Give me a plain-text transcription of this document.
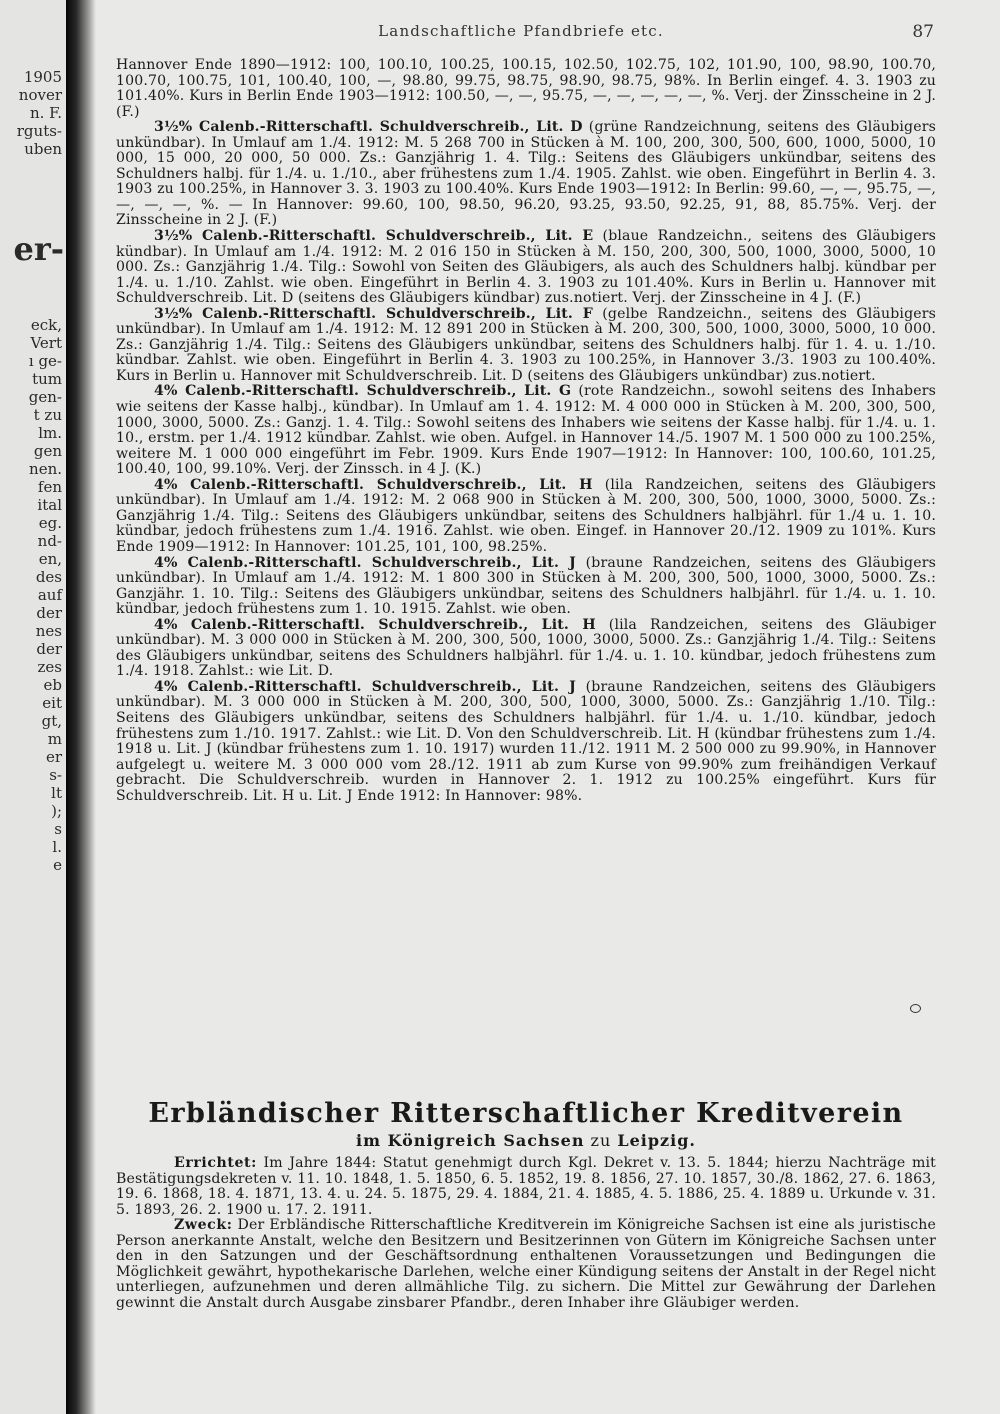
1905
nover
n. F.
rguts-
uben
er-
eck,
Vert
ı ge-
tum
gen-
t zu
lm.
gen
nen.
fen
ital
eg.
nd-
en,
des
auf
der
nes
der
zes
eb
eit
gt,
m
er
s-
lt
);
s
l.
e
Landschaftliche Pfandbriefe etc.	87

Hannover Ende 1890—1912: 100, 100.10, 100.25, 100.15, 102.50, 102.75, 102, 101.90, 100, 98.90, 100.70, 100.70, 100.75, 101, 100.40, 100, —, 98.80, 99.75, 98.75, 98.90, 98.75, 98%. In Berlin eingef. 4. 3. 1903 zu 101.40%. Kurs in Berlin Ende 1903—1912: 100.50, —, —, 95.75, —, —, —, —, —, %. Verj. der Zinsscheine in 2 J. (F.)

3½% Calenb.-Ritterschaftl. Schuldverschreib., Lit. D (grüne Randzeichnung, seitens des Gläubigers unkündbar). In Umlauf am 1./4. 1912: M. 5 268 700 in Stücken à M. 100, 200, 300, 500, 600, 1000, 5000, 10 000, 15 000, 20 000, 50 000. Zs.: Ganzjährig 1. 4. Tilg.: Seitens des Gläubigers unkündbar, seitens des Schuldners halbj. für 1./4. u. 1./10., aber frühestens zum 1./4. 1905. Zahlst. wie oben. Eingeführt in Berlin 4. 3. 1903 zu 100.25%, in Hannover 3. 3. 1903 zu 100.40%. Kurs Ende 1903—1912: In Berlin: 99.60, —, —, 95.75, —, —, —, —, %. — In Hannover: 99.60, 100, 98.50, 96.20, 93.25, 93.50, 92.25, 91, 88, 85.75%. Verj. der Zinsscheine in 2 J. (F.)

3½% Calenb.-Ritterschaftl. Schuldverschreib., Lit. E (blaue Randzeichn., seitens des Gläubigers kündbar). In Umlauf am 1./4. 1912: M. 2 016 150 in Stücken à M. 150, 200, 300, 500, 1000, 3000, 5000, 10 000. Zs.: Ganzjährig 1./4. Tilg.: Sowohl von Seiten des Gläubigers, als auch des Schuldners halbj. kündbar per 1./4. u. 1./10. Zahlst. wie oben. Eingeführt in Berlin 4. 3. 1903 zu 101.40%. Kurs in Berlin u. Hannover mit Schuldverschreib. Lit. D (seitens des Gläubigers kündbar) zus.notiert. Verj. der Zinsscheine in 4 J. (F.)

3½% Calenb.-Ritterschaftl. Schuldverschreib., Lit. F (gelbe Randzeichn., seitens des Gläubigers unkündbar). In Umlauf am 1./4. 1912: M. 12 891 200 in Stücken à M. 200, 300, 500, 1000, 3000, 5000, 10 000. Zs.: Ganzjährig 1./4. Tilg.: Seitens des Gläubigers unkündbar, seitens des Schuldners halbj. für 1. 4. u. 1./10. kündbar. Zahlst. wie oben. Eingeführt in Berlin 4. 3. 1903 zu 100.25%, in Hannover 3./3. 1903 zu 100.40%. Kurs in Berlin u. Hannover mit Schuldverschreib. Lit. D (seitens des Gläubigers unkündbar) zus.notiert.

4% Calenb.-Ritterschaftl. Schuldverschreib., Lit. G (rote Randzeichn., sowohl seitens des Inhabers wie seitens der Kasse halbj., kündbar). In Umlauf am 1. 4. 1912: M. 4 000 000 in Stücken à M. 200, 300, 500, 1000, 3000, 5000. Zs.: Ganzj. 1. 4. Tilg.: Sowohl seitens des Inhabers wie seitens der Kasse halbj. für 1./4. u. 1. 10., erstm. per 1./4. 1912 kündbar. Zahlst. wie oben. Aufgel. in Hannover 14./5. 1907 M. 1 500 000 zu 100.25%, weitere M. 1 000 000 eingeführt im Febr. 1909. Kurs Ende 1907—1912: In Hannover: 100, 100.60, 101.25, 100.40, 100, 99.10%. Verj. der Zinssch. in 4 J. (K.)

4% Calenb.-Ritterschaftl. Schuldverschreib., Lit. H (lila Randzeichen, seitens des Gläubigers unkündbar). In Umlauf am 1./4. 1912: M. 2 068 900 in Stücken à M. 200, 300, 500, 1000, 3000, 5000. Zs.: Ganzjährig 1./4. Tilg.: Seitens des Gläubigers unkündbar, seitens des Schuldners halbjährl. für 1./4 u. 1. 10. kündbar, jedoch frühestens zum 1./4. 1916. Zahlst. wie oben. Eingef. in Hannover 20./12. 1909 zu 101%. Kurs Ende 1909—1912: In Hannover: 101.25, 101, 100, 98.25%.

4% Calenb.-Ritterschaftl. Schuldverschreib., Lit. J (braune Randzeichen, seitens des Gläubigers unkündbar). In Umlauf am 1./4. 1912: M. 1 800 300 in Stücken à M. 200, 300, 500, 1000, 3000, 5000. Zs.: Ganzjähr. 1. 10. Tilg.: Seitens des Gläubigers unkündbar, seitens des Schuldners halbjährl. für 1./4. u. 1. 10. kündbar, jedoch frühestens zum 1. 10. 1915. Zahlst. wie oben.

4% Calenb.-Ritterschaftl. Schuldverschreib., Lit. H (lila Randzeichen, seitens des Gläubiger unkündbar). M. 3 000 000 in Stücken à M. 200, 300, 500, 1000, 3000, 5000. Zs.: Ganzjährig 1./4. Tilg.: Seitens des Gläubigers unkündbar, seitens des Schuldners halbjährl. für 1./4. u. 1. 10. kündbar, jedoch frühestens zum 1./4. 1918. Zahlst.: wie Lit. D.

4% Calenb.-Ritterschaftl. Schuldverschreib., Lit. J (braune Randzeichen, seitens des Gläubigers unkündbar). M. 3 000 000 in Stücken à M. 200, 300, 500, 1000, 3000, 5000. Zs.: Ganzjährig 1./10. Tilg.: Seitens des Gläubigers unkündbar, seitens des Schuldners halbjährl. für 1./4. u. 1./10. kündbar, jedoch frühestens zum 1./10. 1917. Zahlst.: wie Lit. D. Von den Schuldverschreib. Lit. H (kündbar frühestens zum 1./4. 1918 u. Lit. J (kündbar frühestens zum 1. 10. 1917) wurden 11./12. 1911 M. 2 500 000 zu 99.90%, in Hannover aufgelegt u. weitere M. 3 000 000 vom 28./12. 1911 ab zum Kurse von 99.90% zum freihändigen Verkauf gebracht. Die Schuldverschreib. wurden in Hannover 2. 1. 1912 zu 100.25% eingeführt. Kurs für Schuldverschreib. Lit. H u. Lit. J Ende 1912: In Hannover: 98%.

Erbländischer Ritterschaftlicher Kreditverein
im Königreich Sachsen zu Leipzig.

Errichtet: Im Jahre 1844: Statut genehmigt durch Kgl. Dekret v. 13. 5. 1844; hierzu Nachträge mit Bestätigungsdekreten v. 11. 10. 1848, 1. 5. 1850, 6. 5. 1852, 19. 8. 1856, 27. 10. 1857, 30./8. 1862, 27. 6. 1863, 19. 6. 1868, 18. 4. 1871, 13. 4. u. 24. 5. 1875, 29. 4. 1884, 21. 4. 1885, 4. 5. 1886, 25. 4. 1889 u. Urkunde v. 31. 5. 1893, 26. 2. 1900 u. 17. 2. 1911.

Zweck: Der Erbländische Ritterschaftliche Kreditverein im Königreiche Sachsen ist eine als juristische Person anerkannte Anstalt, welche den Besitzern und Besitzerinnen von Gütern im Königreiche Sachsen unter den in den Satzungen und der Geschäftsordnung enthaltenen Voraussetzungen und Bedingungen die Möglichkeit gewährt, hypothekarische Darlehen, welche einer Kündigung seitens der Anstalt in der Regel nicht unterliegen, aufzunehmen und deren allmähliche Tilg. zu sichern. Die Mittel zur Gewährung der Darlehen gewinnt die Anstalt durch Ausgabe zinsbarer Pfandbr., deren Inhaber ihre Gläubiger werden.
